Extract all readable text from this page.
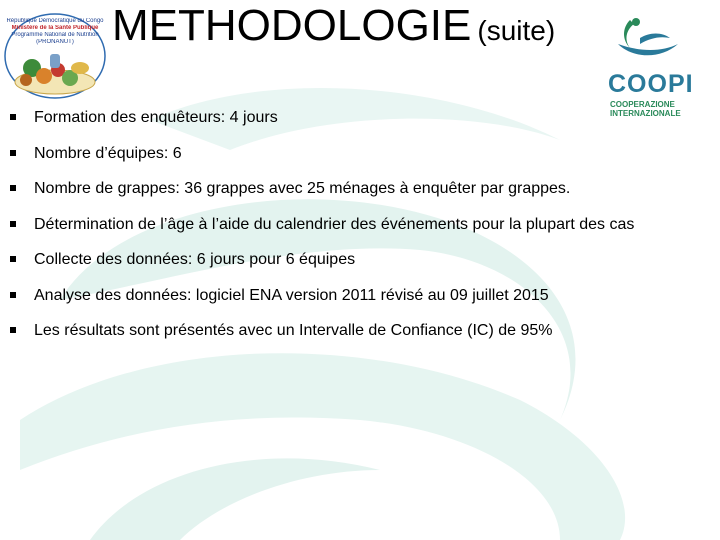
République Démocratique du Congo
Ministère de la Santé Publique
Programme National de Nutrition
(PRONANUT) METHODOLOGIE (suite)
COOPI
COOPERAZIONE
INTERNAZIONALE
Formation des enquêteurs: 4 jours
Nombre d’équipes: 6
Nombre de grappes: 36 grappes avec 25 ménages à enquêter par grappes.
Détermination de l’âge à l’aide du calendrier des événements pour la plupart des cas
Collecte des données: 6 jours pour 6 équipes
Analyse des données: logiciel ENA version 2011 révisé au 09 juillet 2015
Les résultats sont présentés avec un Intervalle de Confiance (IC) de 95%
